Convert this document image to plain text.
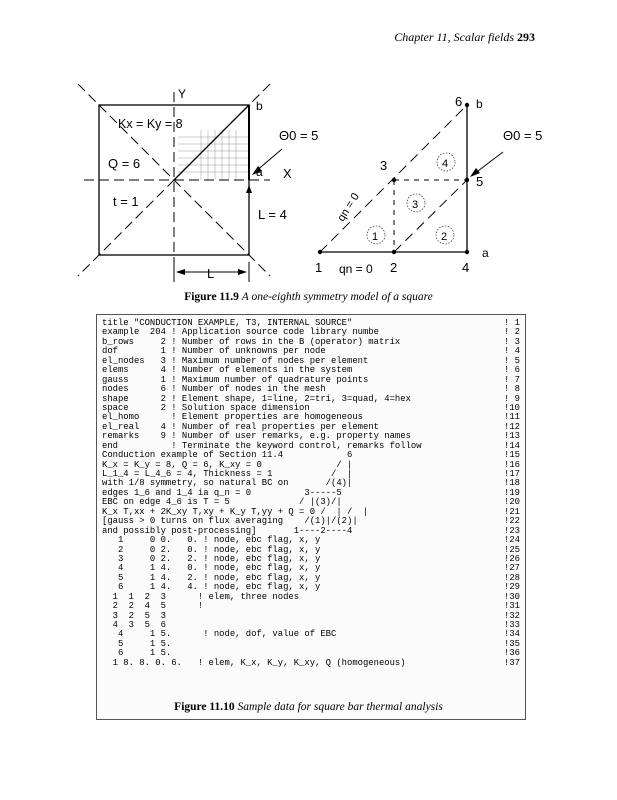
Chapter 11, Scalar fields 293
Y
X
b
a
Kx = Ky = 8
Q = 6
t = 1
L = 4
L
Θ0 = 5
1	2
3
4
1	2
3
4
5
6 b
a
Θ0 = 5
qn = 0
qn = 0
Figure 11.9 A one-eighth symmetry model of a square
title "CONDUCTION EXAMPLE, T3, INTERNAL SOURCE"	! 1
example  204 ! Application source code library numbe	! 2
b_rows     2 ! Number of rows in the B (operator) matrix	! 3
dof        1 ! Number of unknowns per node	! 4
el_nodes   3 ! Maximum number of nodes per element	! 5
elems      4 ! Number of elements in the system	! 6
gauss      1 ! Maximum number of quadrature points	! 7
nodes      6 ! Number of nodes in the mesh	! 8
shape      2 ! Element shape, 1=line, 2=tri, 3=quad, 4=hex	! 9
space      2 ! Solution space dimension	!10
el_homo      ! Element properties are homogeneous	!11
el_real    4 ! Number of real properties per element	!12
remarks    9 ! Number of user remarks, e.g. property names	!13
end          ! Terminate the keyword control, remarks follow	!14
Conduction example of Section 11.4            6	!15
K_x = K_y = 8, Q = 6, K_xy = 0              / |	!16
L_1_4 = L_4_6 = 4, Thickness = 1           /  |	!17
with 1/8 symmetry, so natural BC on       /(4)|	!18
edges 1_6 and 1_4 ia q_n = 0          3-----5	!19
EBC on edge 4_6 is T = 5             / |(3)/|	!20
K_x T,xx + 2K_xy T,xy + K_y T,yy + Q = 0 /  | /  |	!21
[gauss > 0 turns on flux averaging    /(1)|/(2)|	!22
and possibly post-processing]       1----2----4	!23
1     0 0.   0. ! node, ebc flag, x, y	!24
2     0 2.   0. ! node, ebc flag, x, y	!25
3     0 2.   2. ! node, ebc flag, x, y	!26
4     1 4.   0. ! node, ebc flag, x, y	!27
5     1 4.   2. ! node, ebc flag, x, y	!28
6     1 4.   4. ! node, ebc flag, x, y	!29
1  1  2  3      ! elem, three nodes	!30
2  2  4  5      !	!31
3  2  5  3	!32
4  3  5  6	!33
4     1 5.      ! node, dof, value of EBC	!34
5     1 5.	!35
6     1 5.	!36
1 8. 8. 0. 6.   ! elem, K_x, K_y, K_xy, Q (homogeneous)	!37
Figure 11.10 Sample data for square bar thermal analysis
